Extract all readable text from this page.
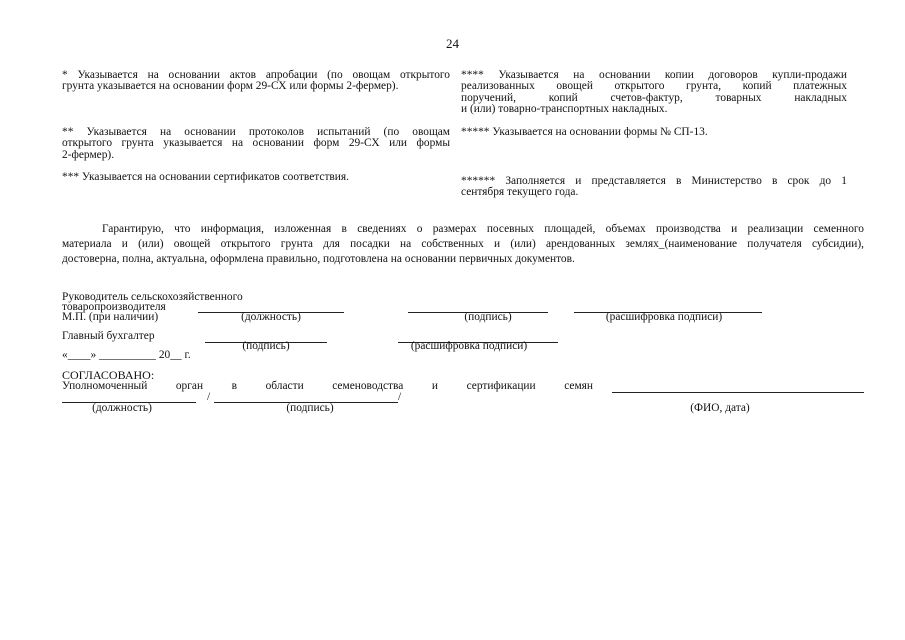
24
* Указывается на основании актов апробации (по овощам открытого
грунта указывается на основании форм 29-СХ или формы 2-фермер).
** Указывается на основании протоколов испытаний (по овощам
открытого грунта указывается на основании форм 29-СХ или формы
2-фермер).
*** Указывается на основании сертификатов соответствия.
**** Указывается на основании копии договоров купли-продажи
реализованных овощей открытого грунта, копий платежных
поручений, копий счетов-фактур, товарных накладных
и (или) товарно-транспортных накладных.
***** Указывается на основании формы № СП-13.
****** Заполняется и представляется в Министерство в срок до 1
сентября текущего года.
Гарантирую, что информация, изложенная в сведениях о размерах посевных площадей, объемах производства и реализации семенного
материала и (или) овощей открытого грунта для посадки на собственных и (или) арендованных землях_(наименование получателя субсидии),
достоверна, полна, актуальна, оформлена правильно, подготовлена на основании первичных документов.
Руководитель сельскохозяйственного
товаропроизводителя
М.П. (при наличии)	(должность)	(подпись)	(расшифровка подписи)
Главный бухгалтер
(подпись)	(расшифровка подписи)
«____» __________ 20__ г.
СОГЛАСОВАНО:
Уполномоченный	орган	в	области	семеноводства	и	сертификации	семян
/	/
(должность)	(подпись)	(ФИО, дата)
